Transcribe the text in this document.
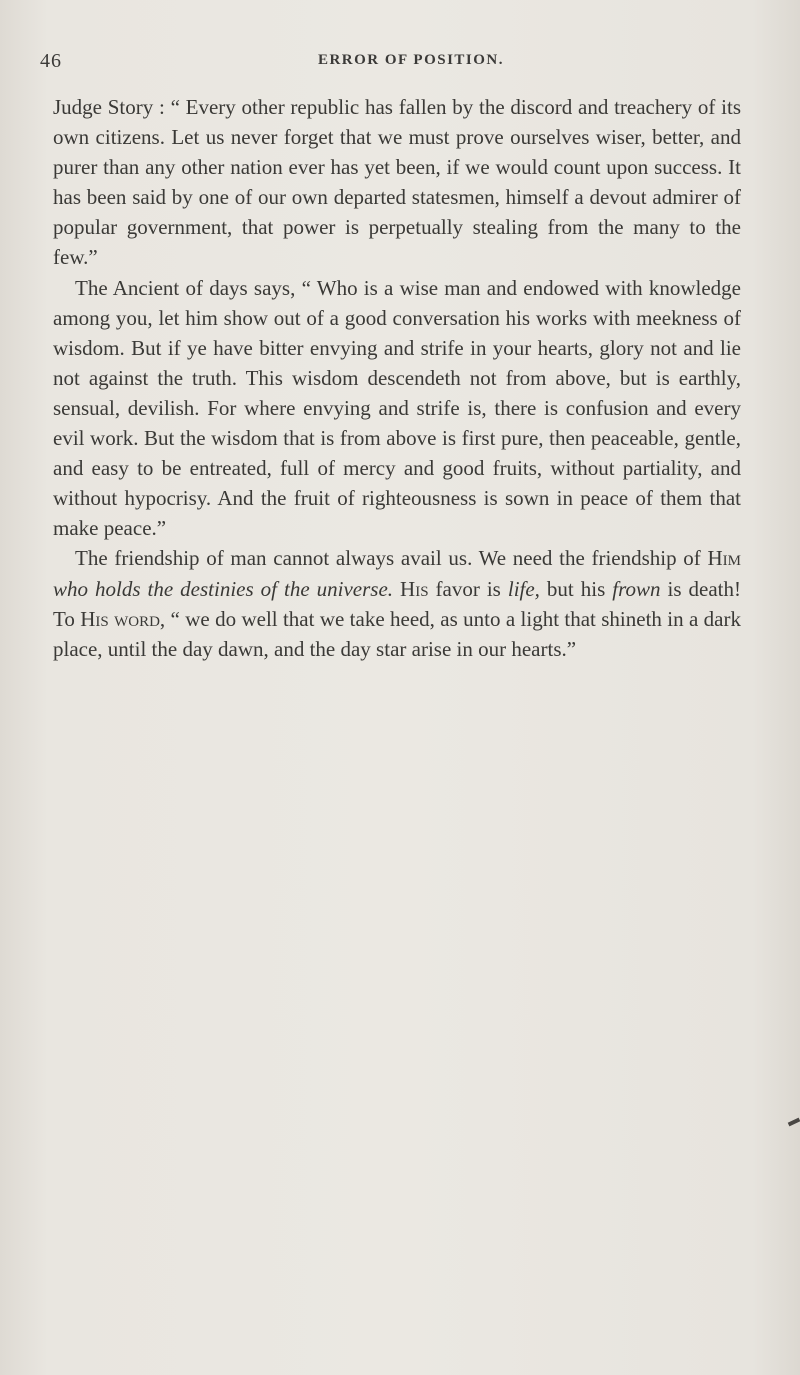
46	ERROR OF POSITION.

Judge Story : “ Every other republic has fallen by the discord and treachery of its own citizens. Let us never forget that we must prove ourselves wiser, better, and purer than any other nation ever has yet been, if we would count upon success. It has been said by one of our own departed statesmen, himself a devout admirer of popular government, that power is perpetually stealing from the many to the few.”

The Ancient of days says, “ Who is a wise man and endowed with knowledge among you, let him show out of a good conversation his works with meekness of wisdom. But if ye have bitter envying and strife in your hearts, glory not and lie not against the truth. This wisdom descendeth not from above, but is earthly, sensual, devilish. For where envying and strife is, there is confusion and every evil work. But the wisdom that is from above is first pure, then peaceable, gentle, and easy to be entreated, full of mercy and good fruits, without partiality, and without hypocrisy. And the fruit of righteousness is sown in peace of them that make peace.”

The friendship of man cannot always avail us. We need the friendship of Him who holds the destinies of the universe. His favor is life, but his frown is death! To His word, “ we do well that we take heed, as unto a light that shineth in a dark place, until the day dawn, and the day star arise in our hearts.”
